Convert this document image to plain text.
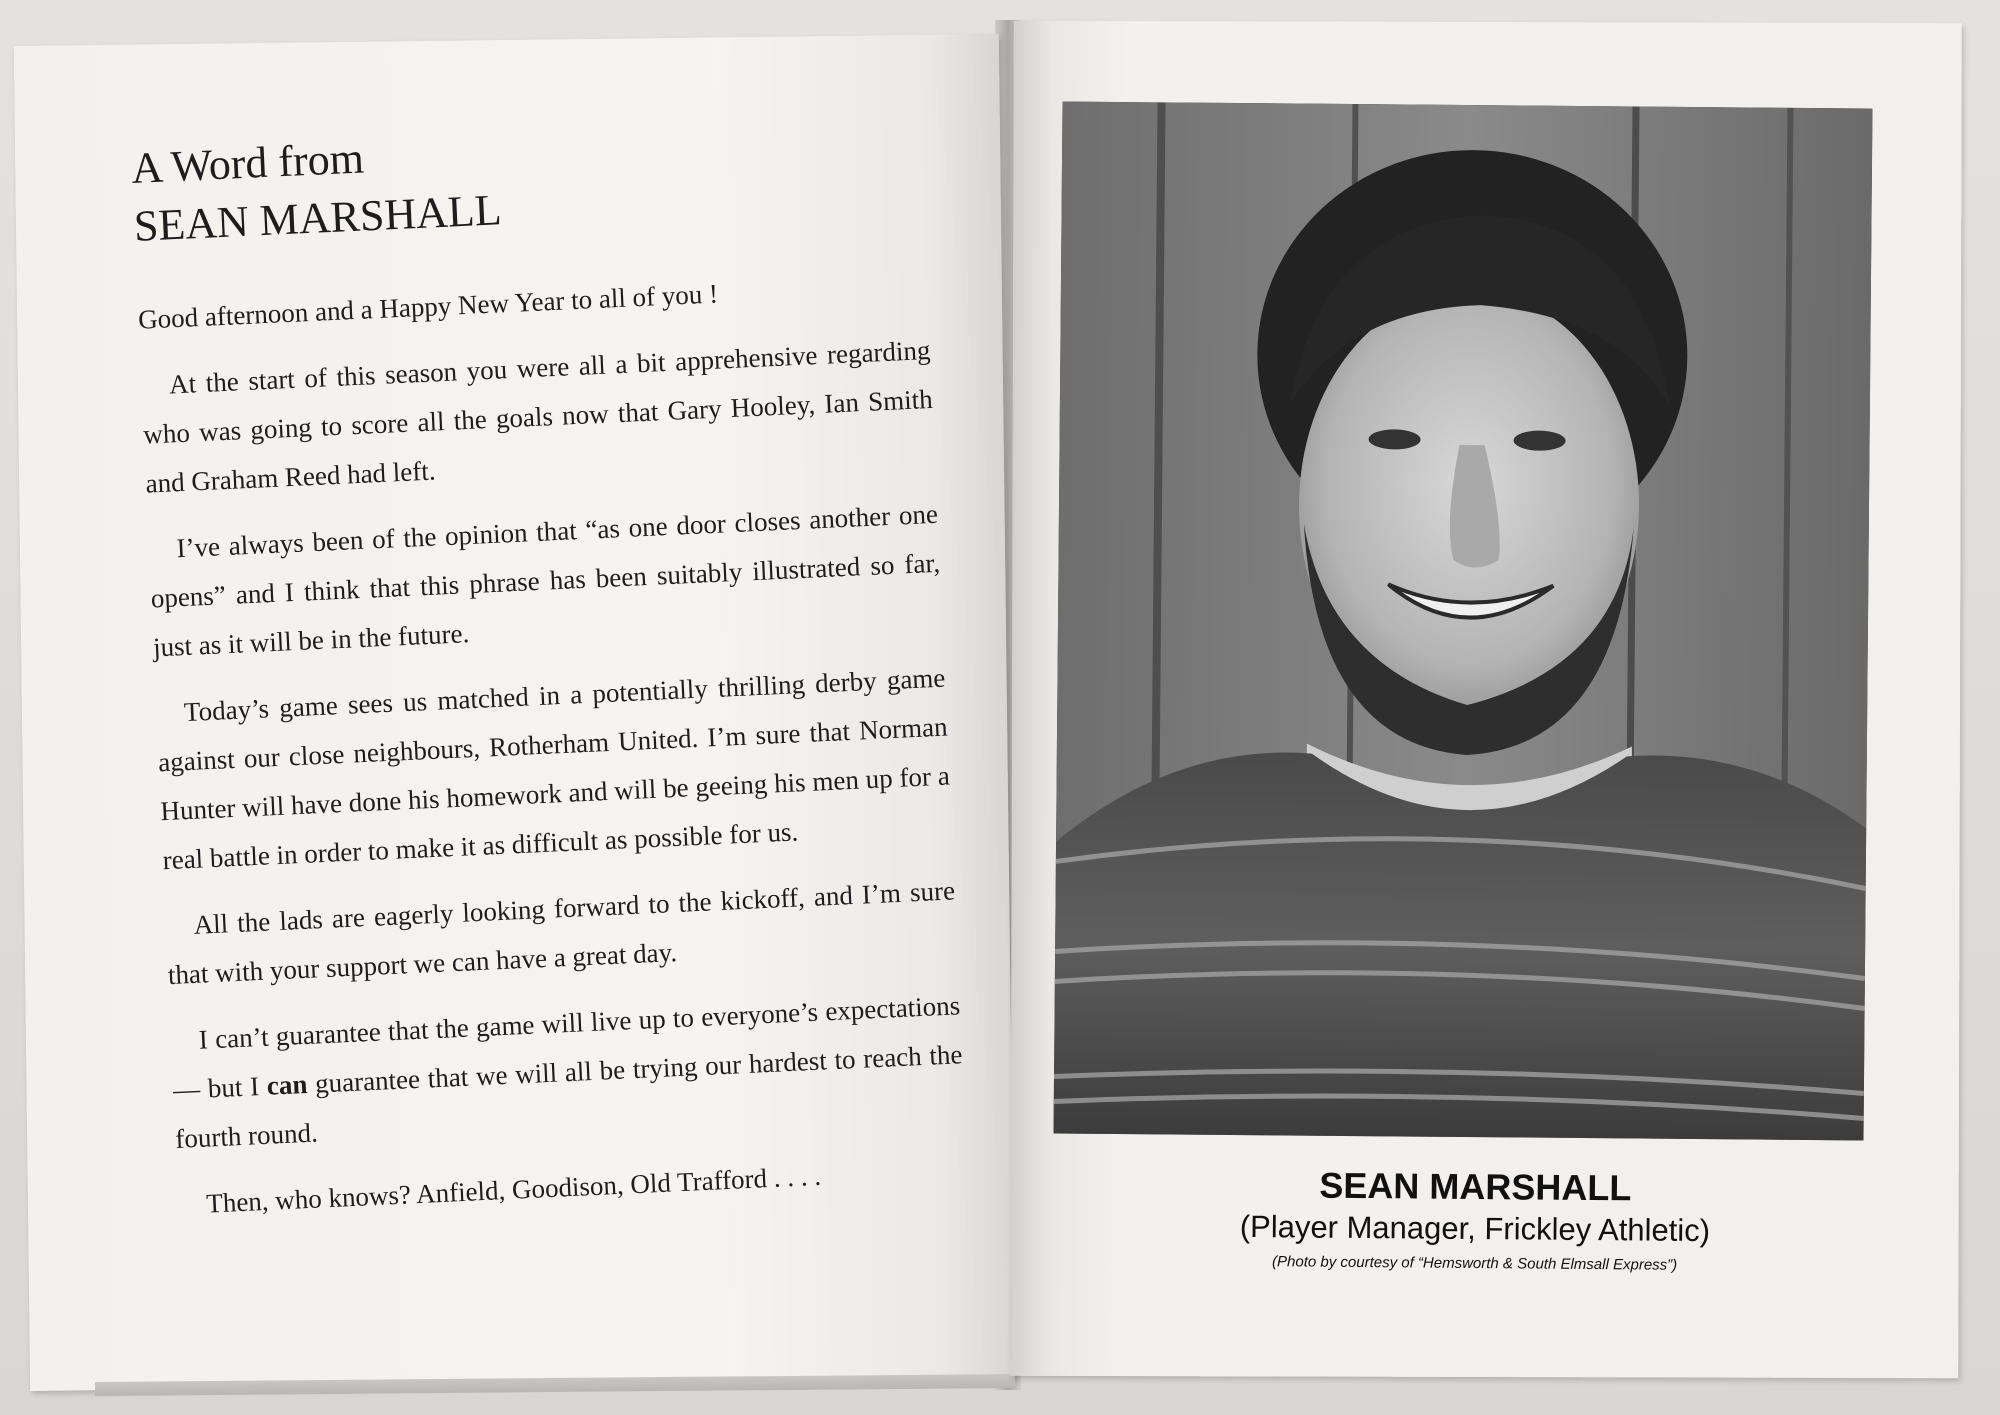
A Word from
SEAN MARSHALL

Good afternoon and a Happy New Year to all of you !

At the start of this season you were all a bit apprehensive regarding who was going to score all the goals now that Gary Hooley, Ian Smith and Graham Reed had left.

I’ve always been of the opinion that “as one door closes another one opens” and I think that this phrase has been suitably illustrated so far, just as it will be in the future.

Today’s game sees us matched in a potentially thrilling derby game against our close neighbours, Rotherham United. I’m sure that Norman Hunter will have done his homework and will be geeing his men up for a real battle in order to make it as difficult as possible for us.

All the lads are eagerly looking forward to the kickoff, and I’m sure that with your support we can have a great day.

I can’t guarantee that the game will live up to everyone’s expectations — but I can guarantee that we will all be trying our hardest to reach the fourth round.

Then, who knows? Anfield, Goodison, Old Trafford . . . .	SEAN MARSHALL
(Player Manager, Frickley Athletic)
(Photo by courtesy of “Hemsworth & South Elmsall Express”)
